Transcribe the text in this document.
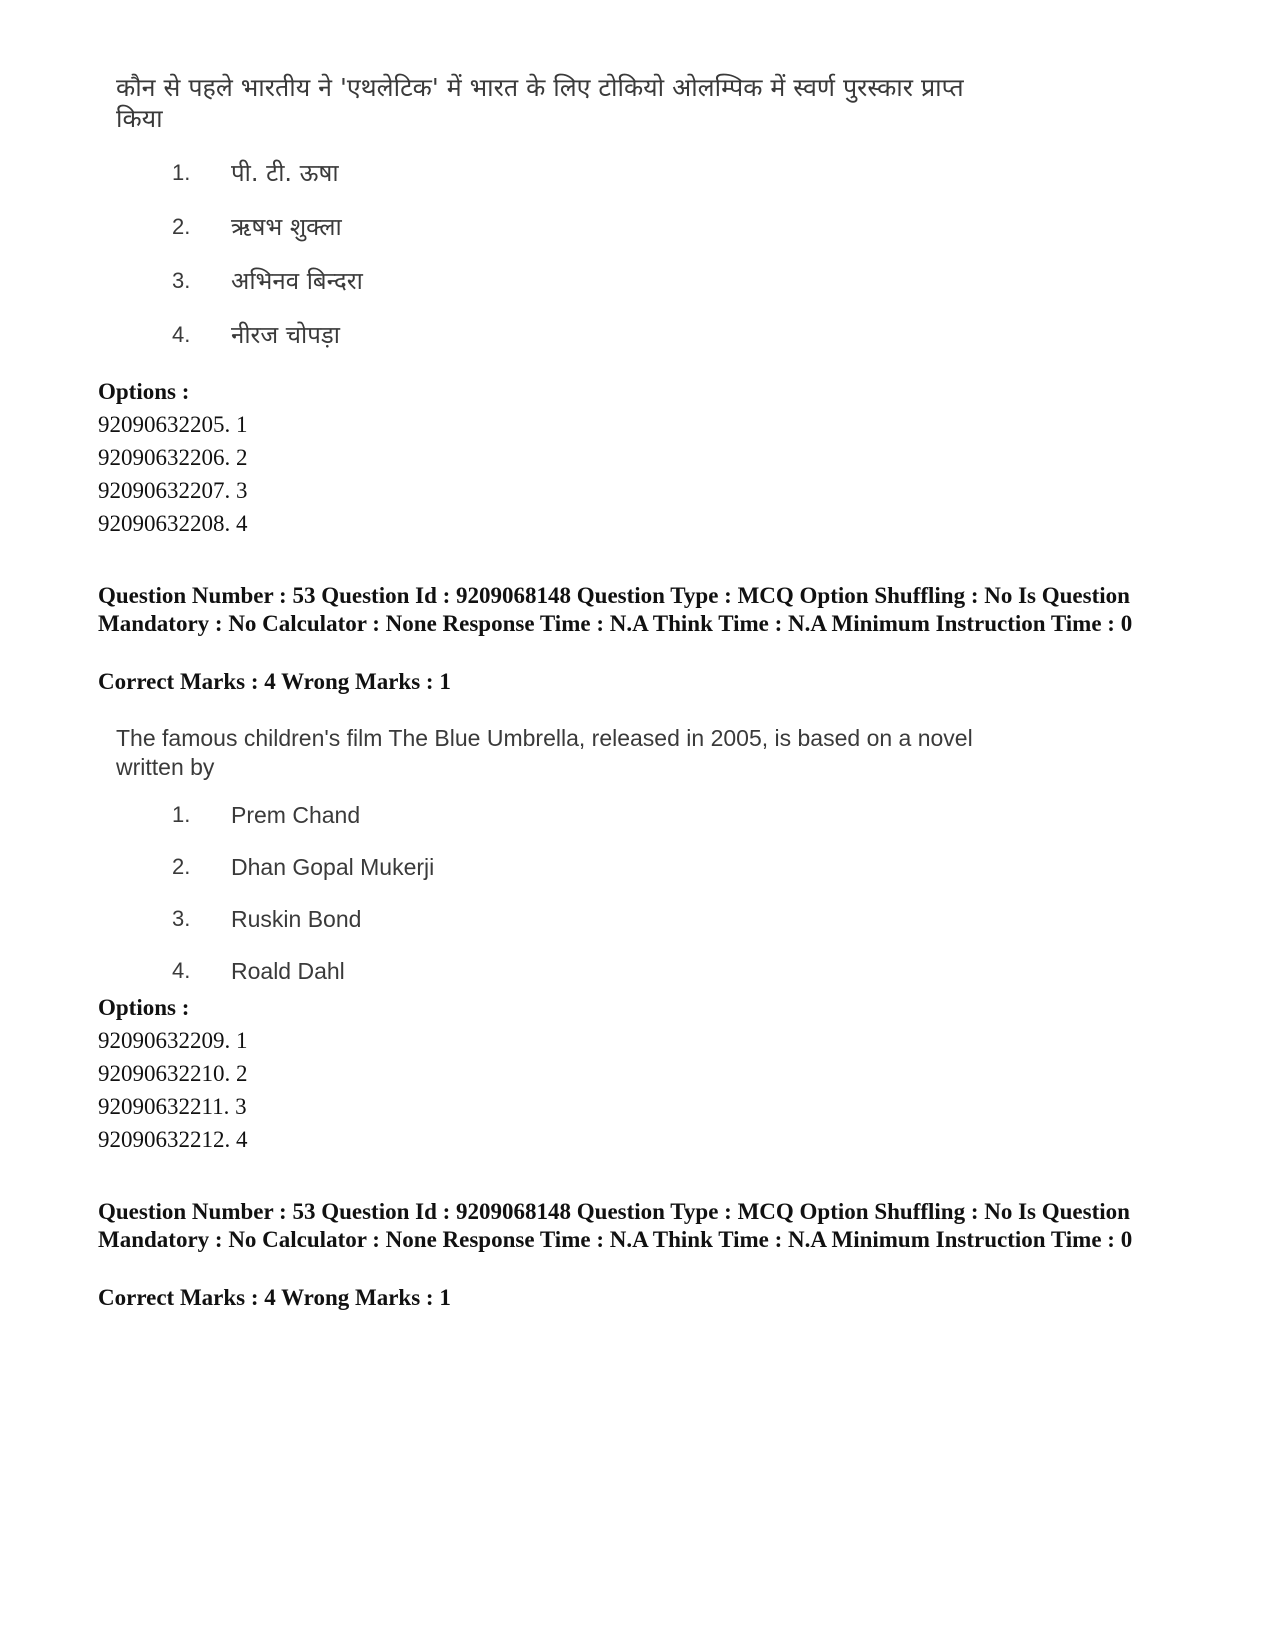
कौन से पहले भारतीय ने 'एथलेटिक' में भारत के लिए टोकियो ओलम्पिक में स्वर्ण पुरस्कार प्राप्त किया

1. पी. टी. ऊषा
2. ऋषभ शुक्ला
3. अभिनव बिन्दरा
4. नीरज चोपड़ा
Options :
92090632205. 1
92090632206. 2
92090632207. 3
92090632208. 4

Question Number : 53 Question Id : 9209068148 Question Type : MCQ Option Shuffling : No Is Question Mandatory : No Calculator : None Response Time : N.A Think Time : N.A Minimum Instruction Time : 0

Correct Marks : 4 Wrong Marks : 1

The famous children's film The Blue Umbrella, released in 2005, is based on a novel written by

1. Prem Chand
2. Dhan Gopal Mukerji
3. Ruskin Bond
4. Roald Dahl
Options :
92090632209. 1
92090632210. 2
92090632211. 3
92090632212. 4

Question Number : 53 Question Id : 9209068148 Question Type : MCQ Option Shuffling : No Is Question Mandatory : No Calculator : None Response Time : N.A Think Time : N.A Minimum Instruction Time : 0

Correct Marks : 4 Wrong Marks : 1
